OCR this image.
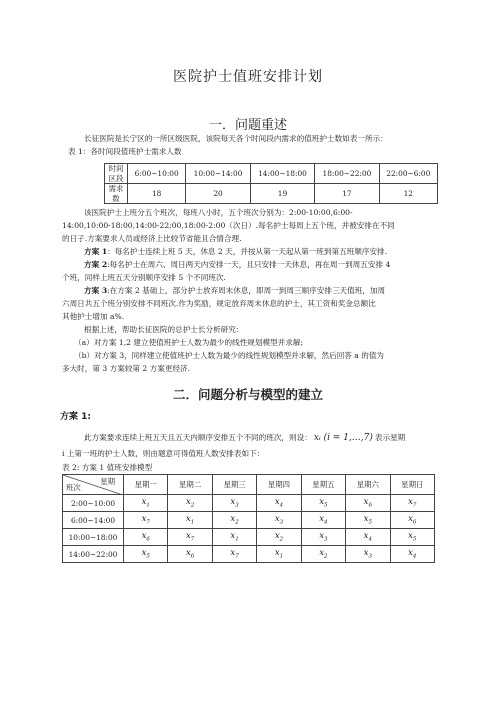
医院护士值班安排计划
一．问题重述
长征医院是长宁区的一所区级医院，该院每天各个时间段内需求的值班护士数如表一所示：
表 1：各时间段值班护士需求人数
时间区段	6:00~10:00	10:00~14:00	14:00~18:00	18:00~22:00	22:00~6:00

需求数	18	20	19	17	12
该医院护士上班分五个班次，每班八小时，五个班次分别为：2:00-10:00,6:00-
14:00,10:00-18:00,14:00-22:00,18:00-2:00（次日）.每名护士每周上五个班，并被安排在不同
的日子.方案要求人员或经济上比较节省能且合情合理.
方案 1：每名护士连续上班 5 天，休息 2 天，并按从第一天起从第一班到第五班顺序安排.
方案 2:每名护士在周六、周日两天内安排一天，且只安排一天休息，再在周一到周五安排 4
个班，同样上班五天分别顺序安排 5 个不同班次.
方案 3:在方案 2 基础上，部分护士放弃周末休息，即周一到周三顺序安排三天值班，加周
六周日共五个班分别安排不同班次.作为奖励，规定放弃周末休息的护士，其工资和奖金总额比
其他护士增加 a%.
根据上述，帮助长征医院的总护士长分析研究：
（a）对方案 1,2 建立使值班护士人数为最少的线性规划模型并求解;
（b）对方案 3，同样建立使值班护士人数为最少的线性规划模型并求解，然后回答 a 的值为
多大时，第 3 方案较第 2 方案更经济.
二．问题分析与模型的建立
方案 1:
此方案要求连续上班五天且五天内顺序安排五个不同的班次，则设： xᵢ (i = 1,…,7) 表示星期
i 上第一班的护士人数，则由题意可得值班人数安排表如下：
表 2: 方案 1 值班安排模型
星期
班次	星期一	星期二	星期三	星期四	星期五	星期六	星期日
2:00~10:00	$x_1$	$x_2$	$x_3$	$x_4$	$x_5$	$x_6$	$x_7$
6:00~14:00	$x_7$	$x_1$	$x_2$	$x_3$	$x_4$	$x_5$	$x_6$
10:00~18:00	$x_6$	$x_7$	$x_1$	$x_2$	$x_3$	$x_4$	$x_5$
14:00~22:00	$x_5$	$x_6$	$x_7$	$x_1$	$x_2$	$x_3$	$x_4$
